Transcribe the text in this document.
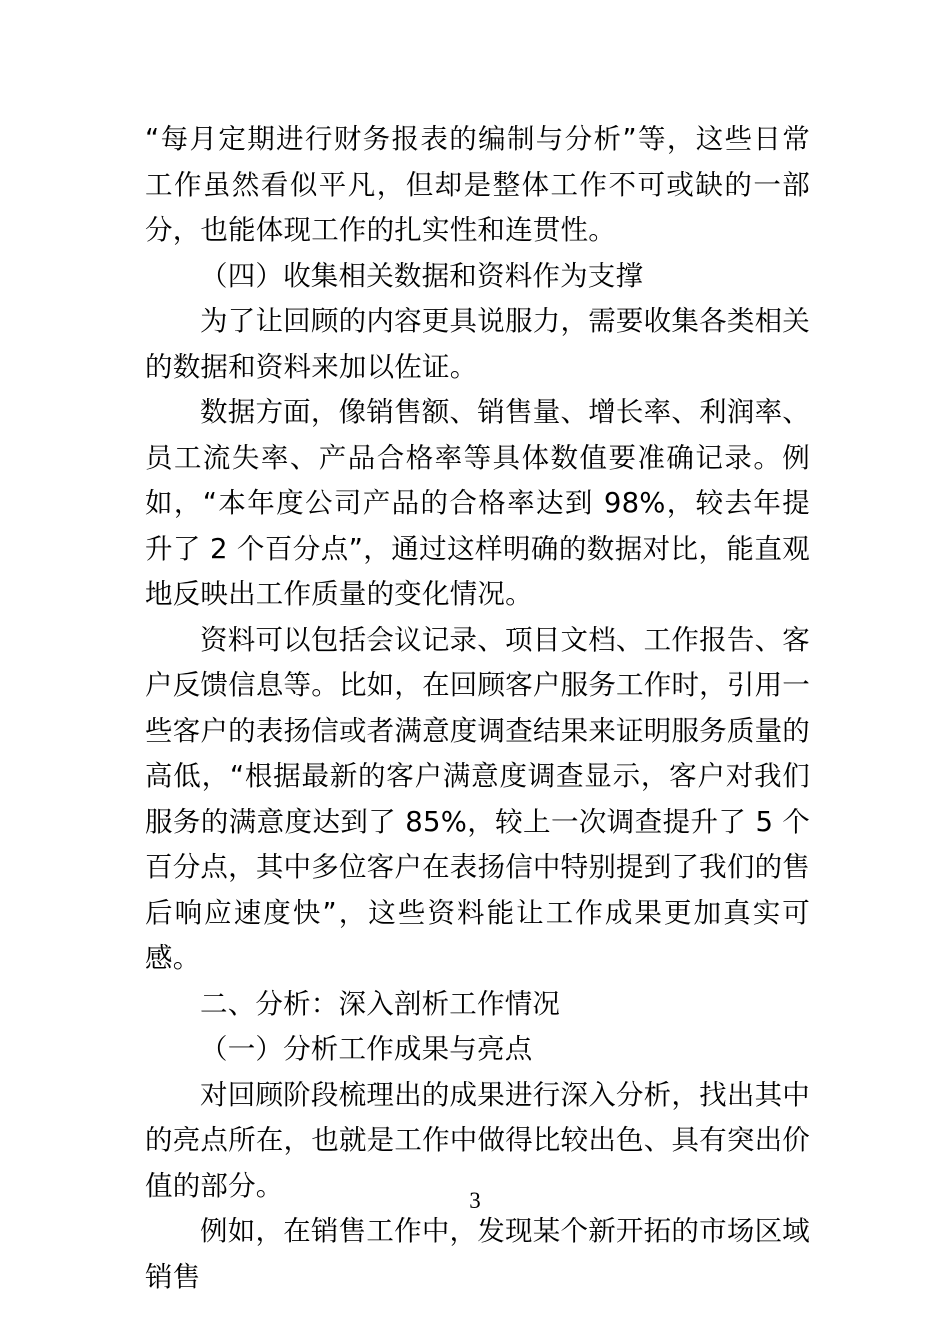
“每月定期进行财务报表的编制与分析”等，这些日常工作虽然看似平凡，但却是整体工作不可或缺的一部分，也能体现工作的扎实性和连贯性。

（四）收集相关数据和资料作为支撑

为了让回顾的内容更具说服力，需要收集各类相关的数据和资料来加以佐证。

数据方面，像销售额、销售量、增长率、利润率、员工流失率、产品合格率等具体数值要准确记录。例如，“本年度公司产品的合格率达到 98%，较去年提升了 2 个百分点”，通过这样明确的数据对比，能直观地反映出工作质量的变化情况。

资料可以包括会议记录、项目文档、工作报告、客户反馈信息等。比如，在回顾客户服务工作时，引用一些客户的表扬信或者满意度调查结果来证明服务质量的高低，“根据最新的客户满意度调查显示，客户对我们服务的满意度达到了 85%，较上一次调查提升了 5 个百分点，其中多位客户在表扬信中特别提到了我们的售后响应速度快”，这些资料能让工作成果更加真实可感。

二、分析：深入剖析工作情况

（一）分析工作成果与亮点

对回顾阶段梳理出的成果进行深入分析，找出其中的亮点所在，也就是工作中做得比较出色、具有突出价值的部分。

例如，在销售工作中，发现某个新开拓的市场区域销售

3
